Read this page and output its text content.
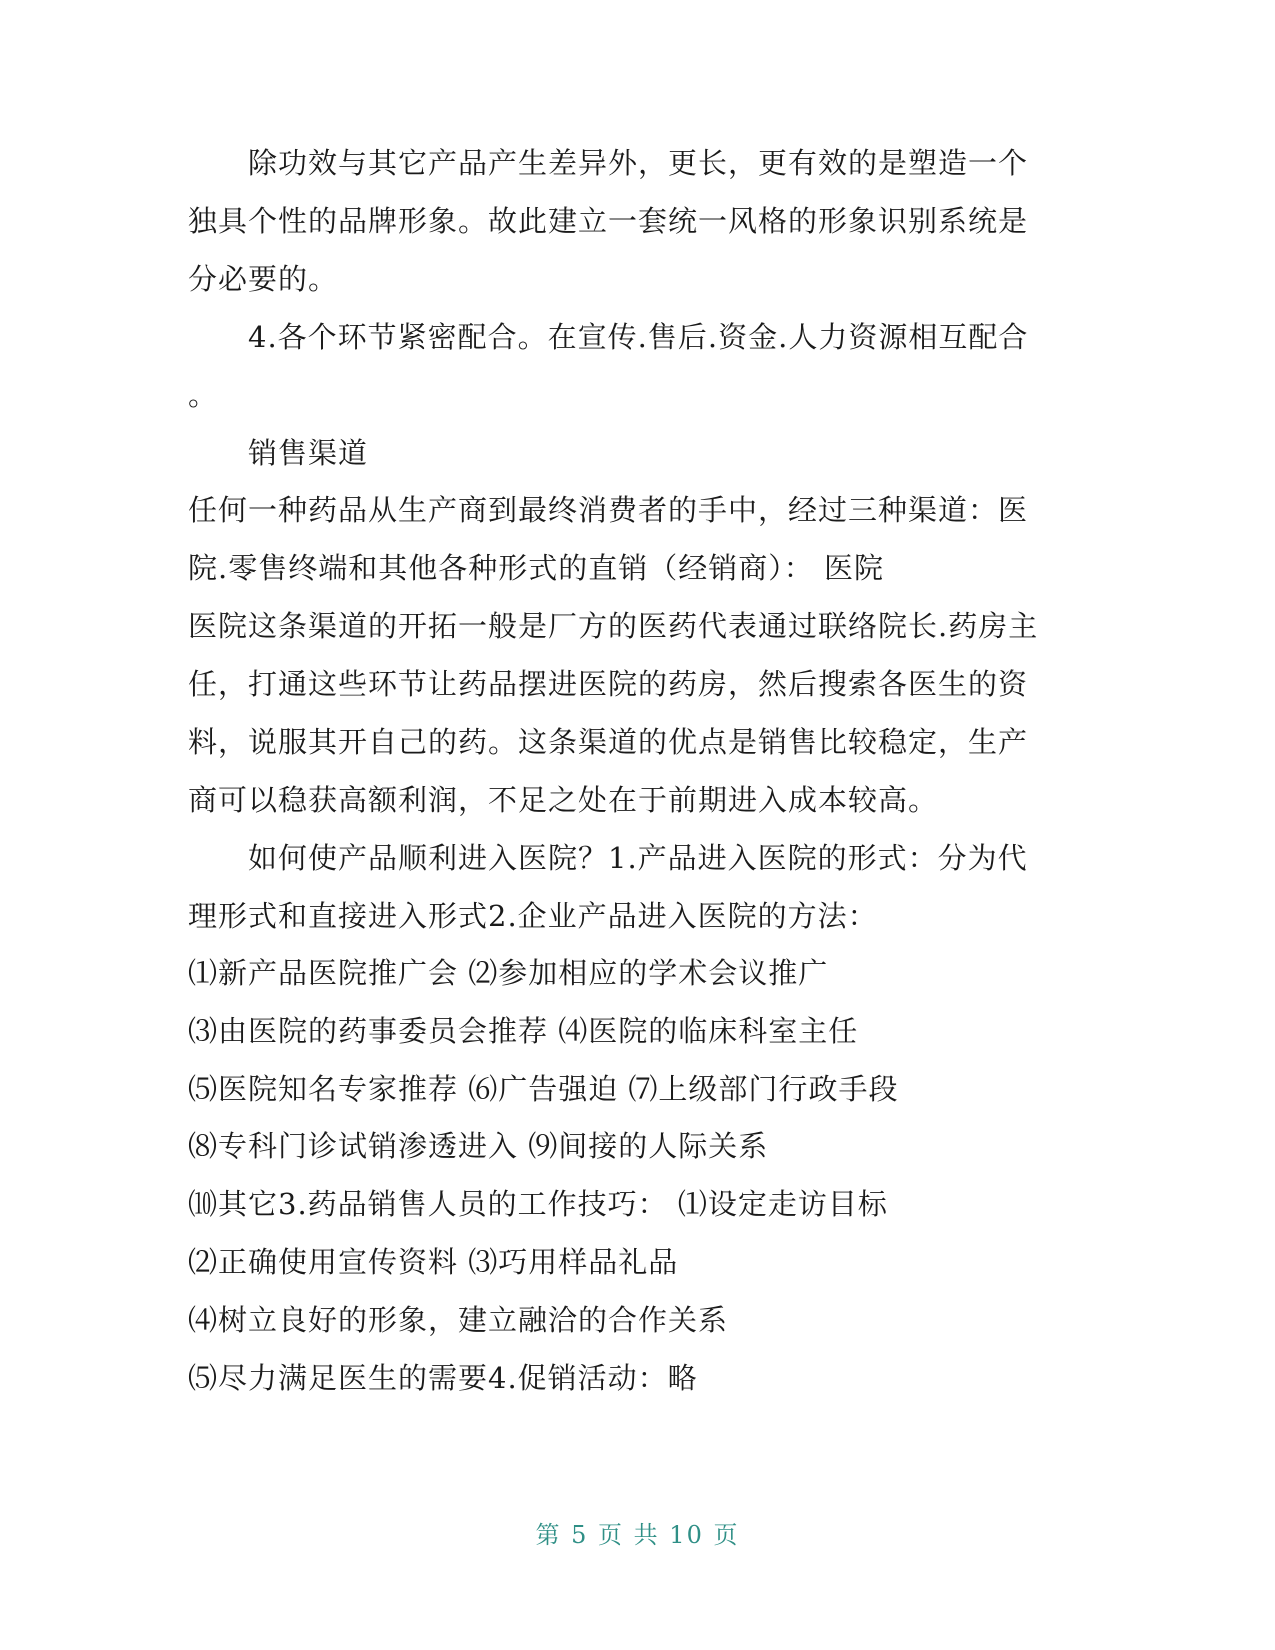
除功效与其它产品产生差异外，更长，更有效的是塑造一个
独具个性的品牌形象。故此建立一套统一风格的形象识别系统是
分必要的。
4.各个环节紧密配合。在宣传.售后.资金.人力资源相互配合
。
销售渠道
任何一种药品从生产商到最终消费者的手中，经过三种渠道：医
院.零售终端和其他各种形式的直销（经销商）： 医院
医院这条渠道的开拓一般是厂方的医药代表通过联络院长.药房主
任，打通这些环节让药品摆进医院的药房，然后搜索各医生的资
料，说服其开自己的药。这条渠道的优点是销售比较稳定，生产
商可以稳获高额利润，不足之处在于前期进入成本较高。
如何使产品顺利进入医院？1.产品进入医院的形式：分为代
理形式和直接进入形式2.企业产品进入医院的方法：
⑴新产品医院推广会 ⑵参加相应的学术会议推广
⑶由医院的药事委员会推荐 ⑷医院的临床科室主任
⑸医院知名专家推荐 ⑹广告强迫 ⑺上级部门行政手段
⑻专科门诊试销渗透进入 ⑼间接的人际关系
⑽其它3.药品销售人员的工作技巧： ⑴设定走访目标
⑵正确使用宣传资料 ⑶巧用样品礼品
⑷树立良好的形象，建立融洽的合作关系
⑸尽力满足医生的需要4.促销活动：略
第 5 页 共 10 页
